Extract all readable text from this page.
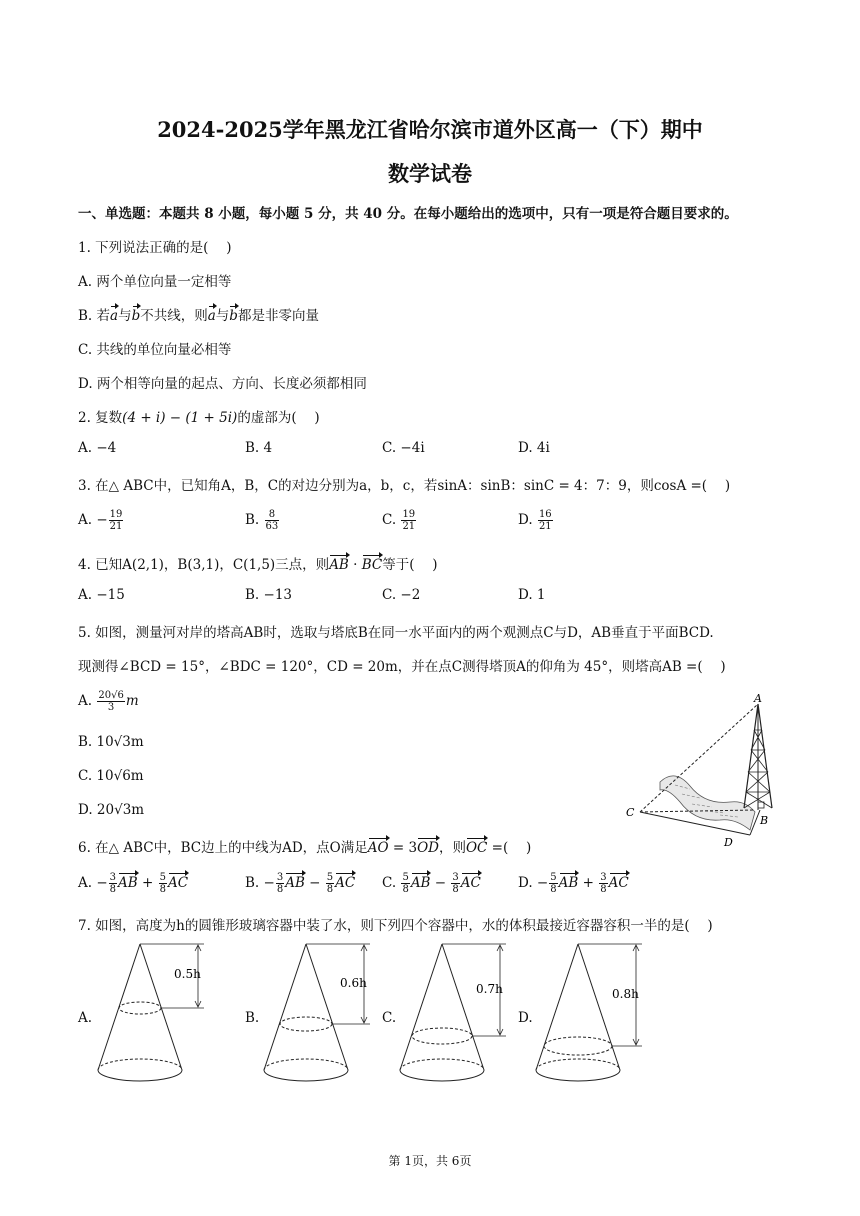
2024-2025学年黑龙江省哈尔滨市道外区高一（下）期中
数学试卷
一、单选题：本题共 8 小题，每小题 5 分，共 40 分。在每小题给出的选项中，只有一项是符合题目要求的。
1. 下列说法正确的是(　 )
A. 两个单位向量一定相等
B. 若a与b不共线，则a与b都是非零向量
C. 共线的单位向量必相等
D. 两个相等向量的起点、方向、长度必须都相同
2. 复数(4 + i) − (1 + 5i)的虚部为(　 )
A. −4	B. 4	C. −4i	D. 4i
3. 在△ ABC中，已知角A，B，C的对边分别为a，b，c，若sinA：sinB：sinC = 4：7：9，则cosA =(　 )
A. − $\frac{19}{21}$	B. $\frac{8}{63}$	C. $\frac{19}{21}$	D. $\frac{16}{21}$
4. 已知A(2,1)，B(3,1)，C(1,5)三点，则AB · BC等于(　 )
A. −15	B. −13	C. −2	D. 1
5. 如图，测量河对岸的塔高AB时，选取与塔底B在同一水平面内的两个观测点C与D，AB垂直于平面BCD.
现测得∠BCD = 15°，∠BDC = 120°，CD = 20m，并在点C测得塔顶A的仰角为 45°，则塔高AB =(　 )
A. $\frac{20√6}{3}$ m
B. 10√3m
C. 10√6m
D. 20√3m
A
B
C
D
6. 在△ ABC中，BC边上的中线为AD，点O满足AO = 3OD，则OC =(　 )
A. − $\frac{3}{8}$ AB + $\frac{5}{8}$ AC	B. − $\frac{3}{8}$ AB − $\frac{5}{8}$ AC C. $\frac{5}{8}$ AB − $\frac{3}{8}$ AC	D. − $\frac{5}{8}$ AB + $\frac{3}{8}$ AC
7. 如图，高度为h的圆锥形玻璃容器中装了水，则下列四个容器中，水的体积最接近容器容积一半的是(　 )
A.	B.	C.	D.
0.5h
0.6h	0.7h	0.8h
第 1页，共 6页
